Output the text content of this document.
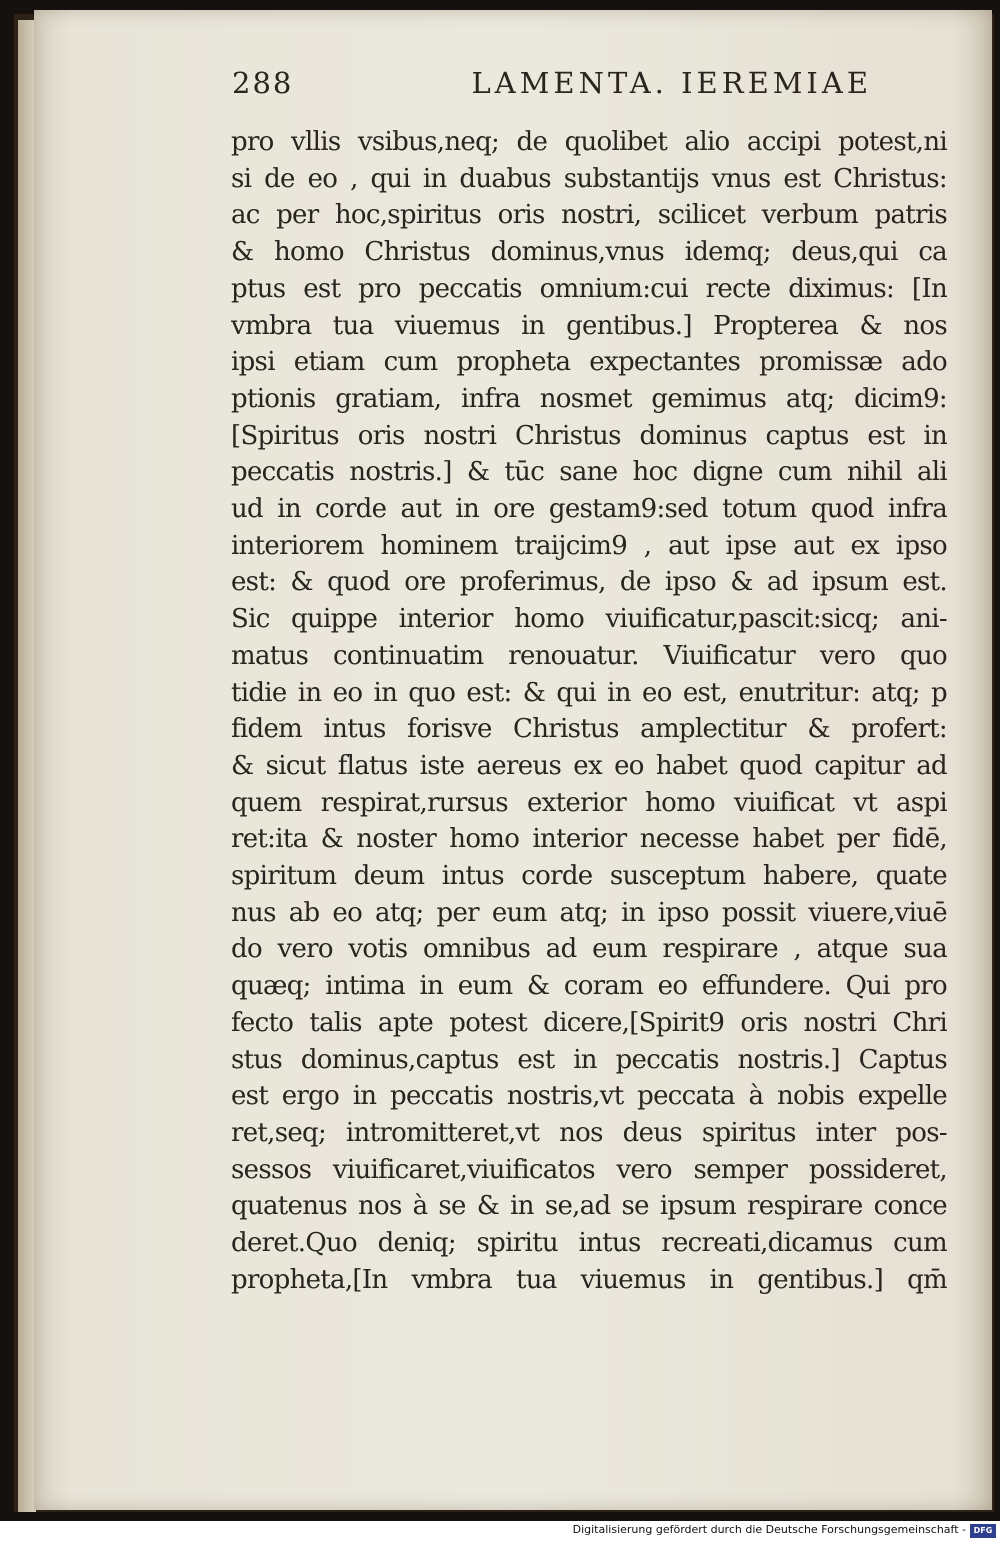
288	LAMENTA. IEREMIAE
pro vllis vsibus,neq; de quolibet alio accipi potest,ni
si de eo , qui in duabus substantijs vnus est Christus:
ac per hoc,spiritus oris nostri, scilicet verbum patris
& homo Christus dominus,vnus idemq; deus,qui ca
ptus est pro peccatis omnium:cui recte diximus: [In
vmbra tua viuemus in gentibus.] Propterea & nos
ipsi etiam cum propheta expectantes promissæ ado
ptionis gratiam, infra nosmet gemimus atq; dicim9:
[Spiritus oris nostri Christus dominus captus est in
peccatis nostris.] & tūc sane hoc digne cum nihil ali
ud in corde aut in ore gestam9:sed totum quod infra
interiorem hominem traijcim9 , aut ipse aut ex ipso
est: & quod ore proferimus, de ipso & ad ipsum est.
Sic quippe interior homo viuificatur,pascit:sicq; ani-
matus continuatim renouatur. Viuificatur vero quo
tidie in eo in quo est: & qui in eo est, enutritur: atq; p
fidem intus forisve Christus amplectitur & profert:
& sicut flatus iste aereus ex eo habet quod capitur ad
quem respirat,rursus exterior homo viuificat vt aspi
ret:ita & noster homo interior necesse habet per fidē,
spiritum deum intus corde susceptum habere, quate
nus ab eo atq; per eum atq; in ipso possit viuere,viuē
do vero votis omnibus ad eum respirare , atque sua
quæq; intima in eum & coram eo effundere. Qui pro
fecto talis apte potest dicere,[Spirit9 oris nostri Chri
stus dominus,captus est in peccatis nostris.] Captus
est ergo in peccatis nostris,vt peccata à nobis expelle
ret,seq; intromitteret,vt nos deus spiritus inter pos-
sessos viuificaret,viuificatos vero semper possideret,
quatenus nos à se & in se,ad se ipsum respirare conce
deret.Quo deniq; spiritu intus recreati,dicamus cum
propheta,[In vmbra tua viuemus in gentibus.] qm̄
Digitalisierung gefördert durch die Deutsche Forschungsgemeinschaft - DFG
